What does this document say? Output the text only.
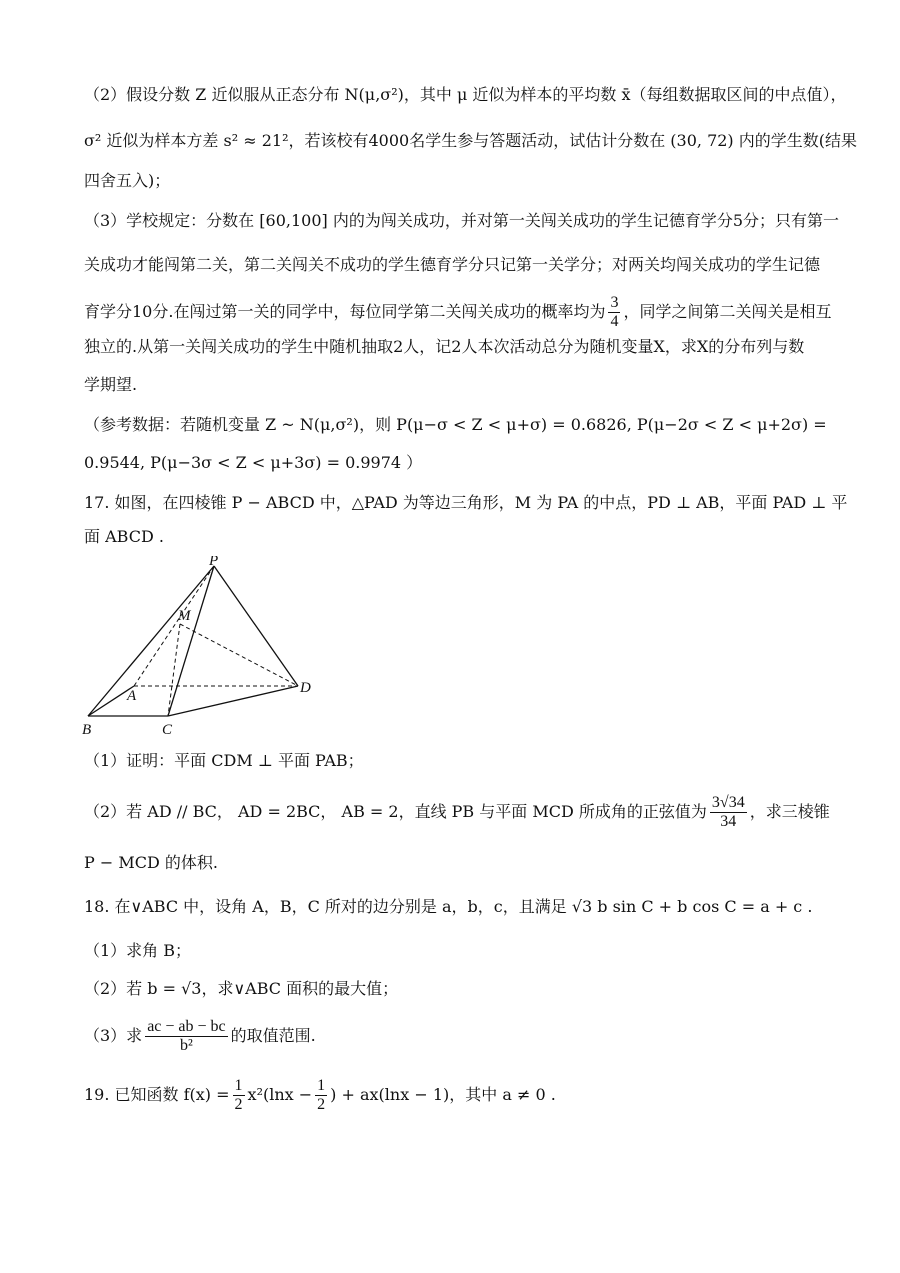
（2）假设分数 Z 近似服从正态分布 N(μ,σ²)，其中 μ 近似为样本的平均数 x̄（每组数据取区间的中点值），
σ² 近似为样本方差 s² ≈ 21²，若该校有4000名学生参与答题活动，试估计分数在 (30, 72) 内的学生数(结果
四舍五入)；
（3）学校规定：分数在 [60,100] 内的为闯关成功，并对第一关闯关成功的学生记德育学分5分；只有第一
关成功才能闯第二关，第二关闯关不成功的学生德育学分只记第一关学分；对两关均闯关成功的学生记德
育学分10分.在闯过第一关的同学中，每位同学第二关闯关成功的概率均为 $\frac{3}{4}$ ，同学之间第二关闯关是相互
独立的.从第一关闯关成功的学生中随机抽取2人，记2人本次活动总分为随机变量X，求X的分布列与数
学期望.
（参考数据：若随机变量 Z ~ N(μ,σ²)，则 P(μ−σ < Z < μ+σ) = 0.6826, P(μ−2σ < Z < μ+2σ) =
0.9544, P(μ−3σ < Z < μ+3σ) = 0.9974 ）
17. 如图，在四棱锥 P − ABCD 中，△PAD 为等边三角形，M 为 PA 的中点，PD ⊥ AB，平面 PAD ⊥ 平
面 ABCD .
P
M
A
B	C
D
（1）证明：平面 CDM ⊥ 平面 PAB；
（2）若 AD // BC， AD = 2BC， AB = 2，直线 PB 与平面 MCD 所成角的正弦值为 $\frac{3√34}{34}$ ，求三棱锥
P − MCD 的体积.
18. 在∨ABC 中，设角 A，B，C 所对的边分别是 a，b，c，且满足 √3 b sin C + b cos C = a + c .
（1）求角 B；
（2）若 b = √3，求∨ABC 面积的最大值；
（3）求 $\frac{ac - ab - bc}{\text{b²}}$ 的取值范围.
19. 已知函数 $f(x) = \frac{1}{2} x^2(\ln x - \frac{1}{2}$ ) + ax(lnx − 1)，其中 a ≠ 0 .
